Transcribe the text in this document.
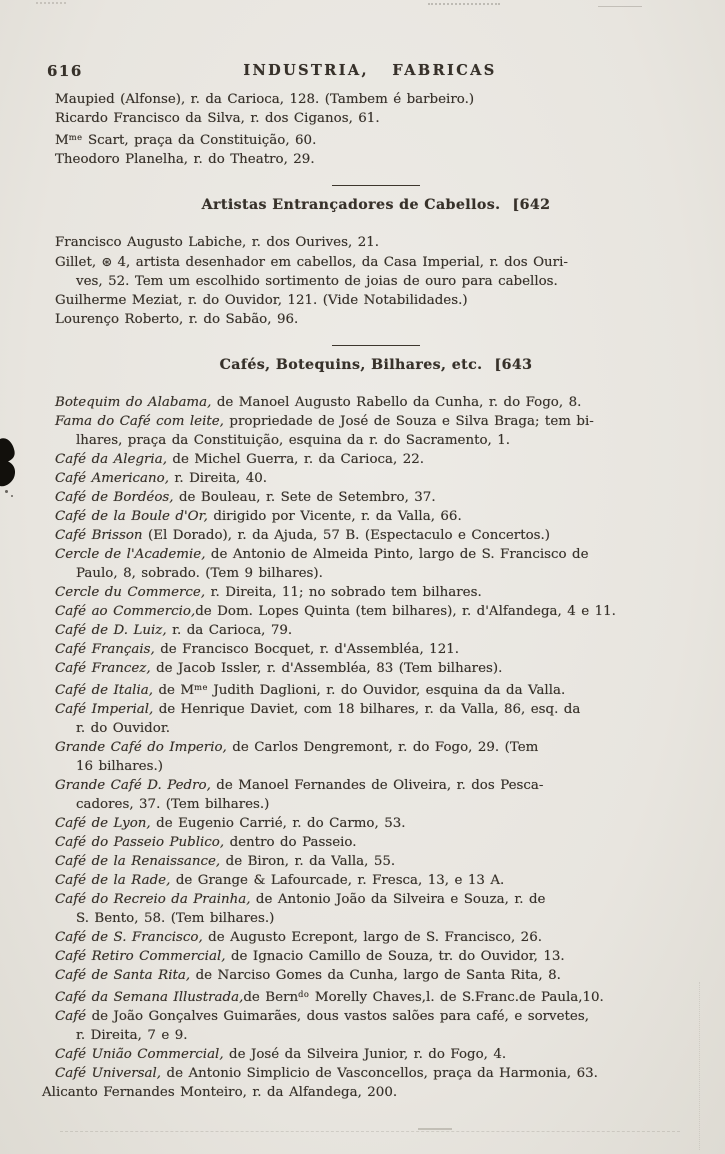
616	INDUSTRIA, FABRICAS
Maupied (Alfonse), r. da Carioca, 128. (Tambem é barbeiro.)
Ricardo Francisco da Silva, r. dos Ciganos, 61.
$M^{me}$ Scart, praça da Constituição, 60.
Theodoro Planelha, r. do Theatro, 29.
Artistas Entrançadores de Cabellos. [642
Francisco Augusto Labiche, r. dos Ourives, 21.
Gillet, ⊛ 4, artista desenhador em cabellos, da Casa Imperial, r. dos Ouri-
ves, 52. Tem um escolhido sortimento de joias de ouro para cabellos.
Guilherme Meziat, r. do Ouvidor, 121. (Vide Notabilidades.)
Lourenço Roberto, r. do Sabão, 96.
Cafés, Botequins, Bilhares, etc. [643
Botequim do Alabama, de Manoel Augusto Rabello da Cunha, r. do Fogo, 8.
Fama do Café com leite, propriedade de José de Souza e Silva Braga; tem bi-
lhares, praça da Constituição, esquina da r. do Sacramento, 1.
Café da Alegria, de Michel Guerra, r. da Carioca, 22.
Café Americano, r. Direita, 40.
Café de Bordéos, de Bouleau, r. Sete de Setembro, 37.
Café de la Boule d'Or, dirigido por Vicente, r. da Valla, 66.
Café Brisson (El Dorado), r. da Ajuda, 57 B. (Espectaculo e Concertos.)
Cercle de l'Academie, de Antonio de Almeida Pinto, largo de S. Francisco de
Paulo, 8, sobrado. (Tem 9 bilhares).
Cercle du Commerce, r. Direita, 11; no sobrado tem bilhares.
Café ao Commercio,de Dom. Lopes Quinta (tem bilhares), r. d'Alfandega, 4 e 11.
Café de D. Luiz, r. da Carioca, 79.
Café Français, de Francisco Bocquet, r. d'Assembléa, 121.
Café Francez, de Jacob Issler, r. d'Assembléa, 83 (Tem bilhares).
Café de Italia, de $M^{me}$ Judith Daglioni, r. do Ouvidor, esquina da da Valla.
Café Imperial, de Henrique Daviet, com 18 bilhares, r. da Valla, 86, esq. da
r. do Ouvidor.
Grande Café do Imperio, de Carlos Dengremont, r. do Fogo, 29. (Tem
16 bilhares.)
Grande Café D. Pedro, de Manoel Fernandes de Oliveira, r. dos Pesca-
cadores, 37. (Tem bilhares.)
Café de Lyon, de Eugenio Carrié, r. do Carmo, 53.
Café do Passeio Publico, dentro do Passeio.
Café de la Renaissance, de Biron, r. da Valla, 55.
Café de la Rade, de Grange & Lafourcade, r. Fresca, 13, e 13 A.
Café do Recreio da Prainha, de Antonio João da Silveira e Souza, r. de
S. Bento, 58. (Tem bilhares.)
Café de S. Francisco, de Augusto Ecrepont, largo de S. Francisco, 26.
Café Retiro Commercial, de Ignacio Camillo de Souza, tr. do Ouvidor, 13.
Café de Santa Rita, de Narciso Gomes da Cunha, largo de Santa Rita, 8.
Café da Semana Illustrada,de Bern$^{do}$ Morelly Chaves,l. de S.Franc.de Paula,10.
Café de João Gonçalves Guimarães, dous vastos salões para café, e sorvetes,
r. Direita, 7 e 9.
Café União Commercial, de José da Silveira Junior, r. do Fogo, 4.
Café Universal, de Antonio Simplicio de Vasconcellos, praça da Harmonia, 63.
Alicanto Fernandes Monteiro, r. da Alfandega, 200.
